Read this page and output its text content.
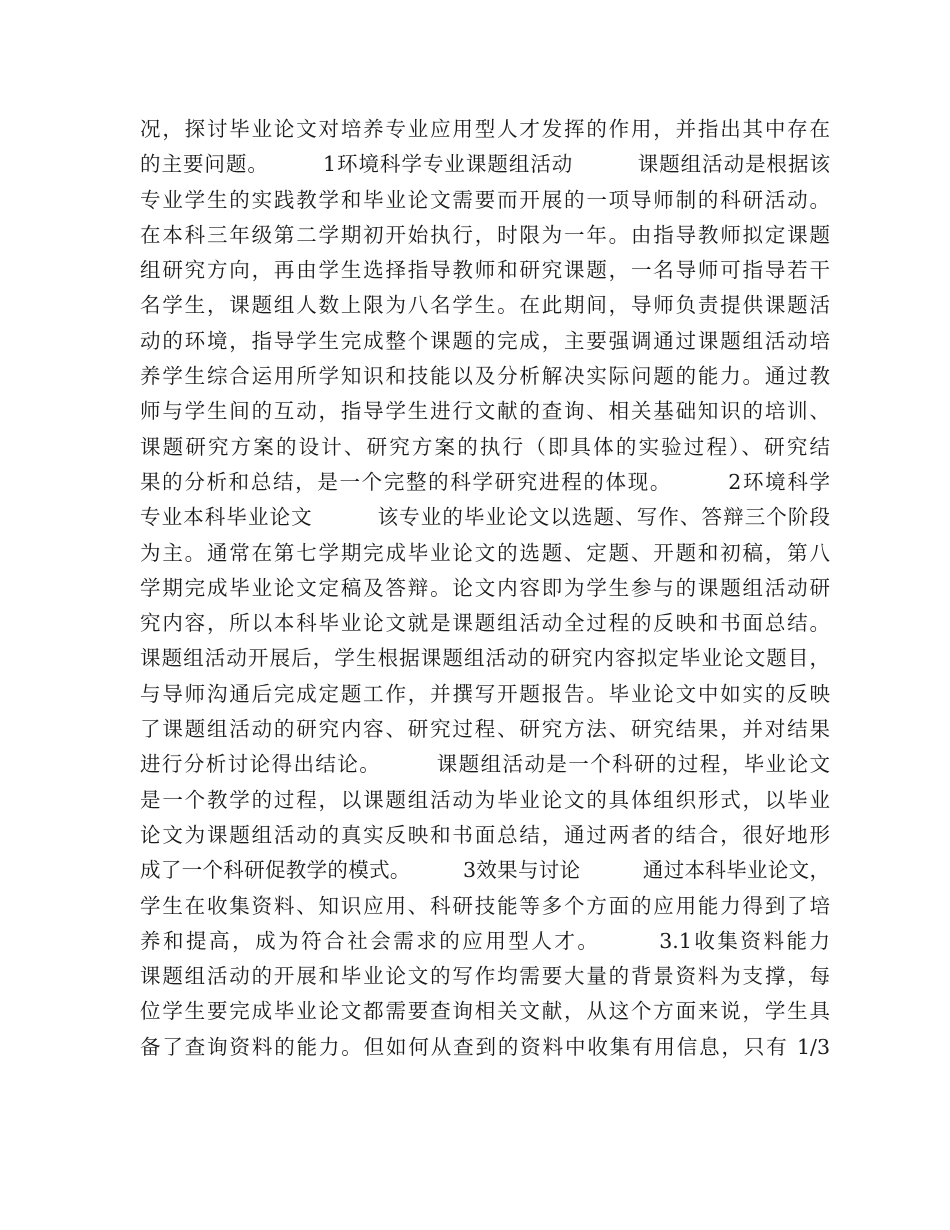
况，探讨毕业论文对培养专业应用型人才发挥的作用，并指出其中存在
的主要问题。　　　1环境科学专业课题组活动　　　课题组活动是根据该
专业学生的实践教学和毕业论文需要而开展的一项导师制的科研活动。
在本科三年级第二学期初开始执行，时限为一年。由指导教师拟定课题
组研究方向，再由学生选择指导教师和研究课题，一名导师可指导若干
名学生，课题组人数上限为八名学生。在此期间，导师负责提供课题活
动的环境，指导学生完成整个课题的完成，主要强调通过课题组活动培
养学生综合运用所学知识和技能以及分析解决实际问题的能力。通过教
师与学生间的互动，指导学生进行文献的查询、相关基础知识的培训、
课题研究方案的设计、研究方案的执行（即具体的实验过程）、研究结
果的分析和总结，是一个完整的科学研究进程的体现。　　　2环境科学
专业本科毕业论文　　　该专业的毕业论文以选题、写作、答辩三个阶段
为主。通常在第七学期完成毕业论文的选题、定题、开题和初稿，第八
学期完成毕业论文定稿及答辩。论文内容即为学生参与的课题组活动研
究内容，所以本科毕业论文就是课题组活动全过程的反映和书面总结。
课题组活动开展后，学生根据课题组活动的研究内容拟定毕业论文题目，
与导师沟通后完成定题工作，并撰写开题报告。毕业论文中如实的反映
了课题组活动的研究内容、研究过程、研究方法、研究结果，并对结果
进行分析讨论得出结论。　　　课题组活动是一个科研的过程，毕业论文
是一个教学的过程，以课题组活动为毕业论文的具体组织形式，以毕业
论文为课题组活动的真实反映和书面总结，通过两者的结合，很好地形
成了一个科研促教学的模式。　　　3效果与讨论　　　通过本科毕业论文，
学生在收集资料、知识应用、科研技能等多个方面的应用能力得到了培
养和提高，成为符合社会需求的应用型人才。　　　3.1收集资料能力
课题组活动的开展和毕业论文的写作均需要大量的背景资料为支撑，每
位学生要完成毕业论文都需要查询相关文献，从这个方面来说，学生具
备了查询资料的能力。但如何从查到的资料中收集有用信息，只有 1/3
